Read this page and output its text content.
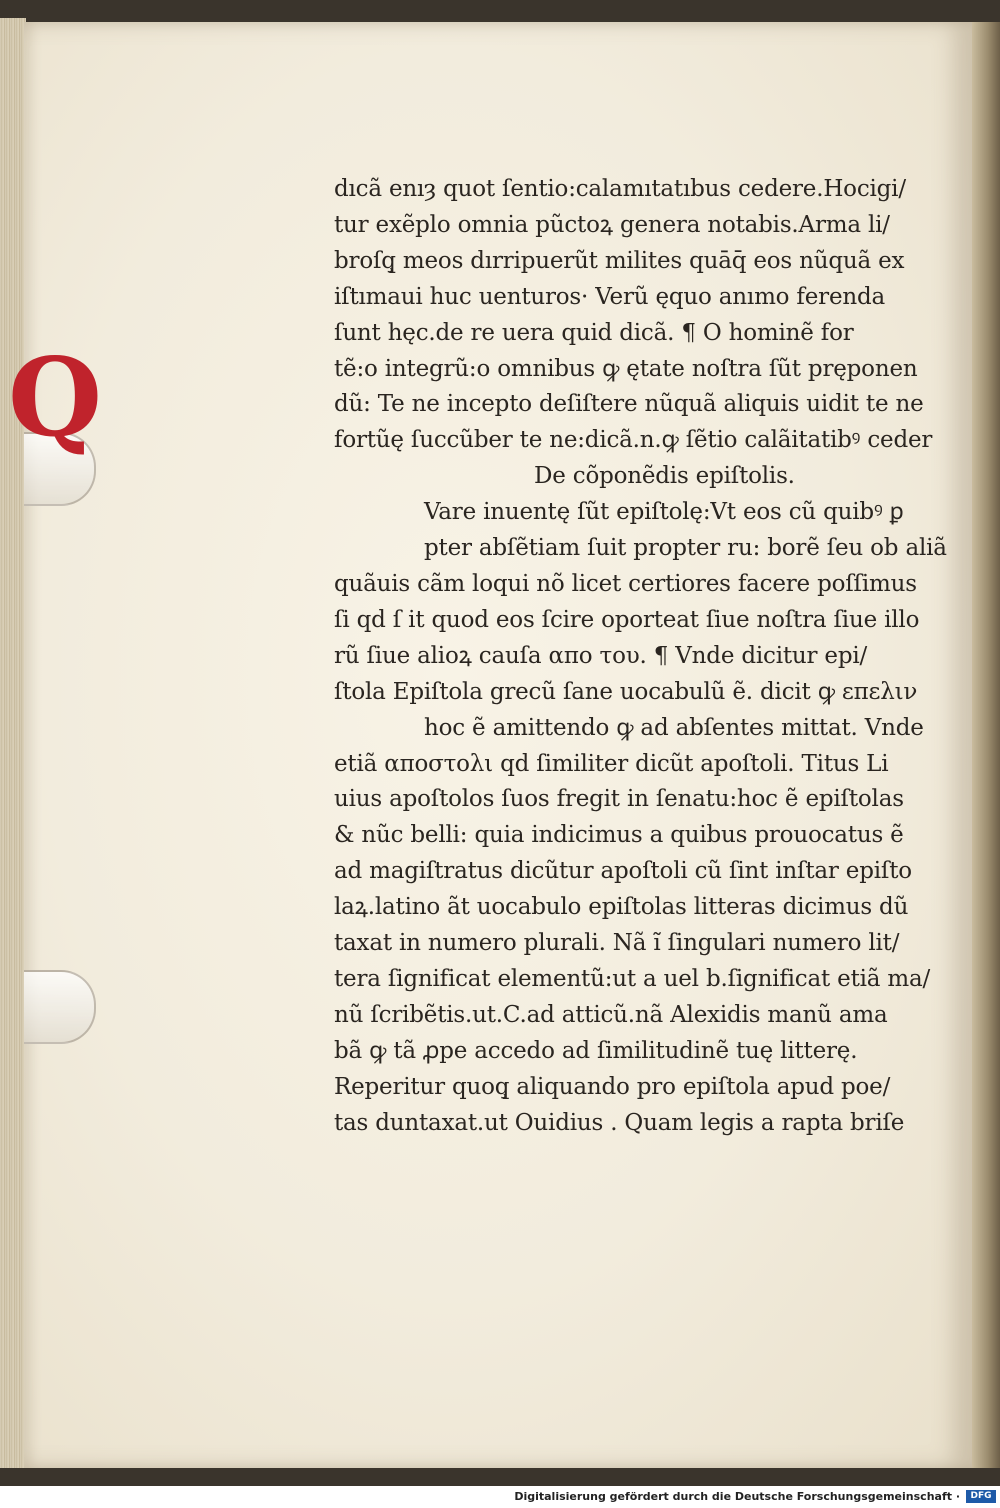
Q
dıcã enıȝ quot ſentio:calamıtatıbus cedere.Hocigi/
tur exẽplo omnia pũctoꝝ genera notabis.Arma li/
broſq̧ meos dırripuerũt milites quāq̄ eos nũquã ex
iſtımaui huc uenturos· Verũ ęquo anımo ferenda
ſunt hęc.de re uera quid dicã. ¶ O hominẽ for
tẽ:o integrũ:o omnibus ꝙ ętate noſtra ſũt pręponen
dũ: Te ne incepto deſiſtere nũquã aliquis uidit te ne
fortũę ſuccũber te ne:dicã.n.ꝙ ſẽtio calãitatibꝰ ceder
De cõponẽdis epiſtolis.
Vare inuentę ſũt epiſtolę:Vt eos cũ quibꝰ ꝑ
pter abſẽtiam ſuit propter ru: borẽ ſeu ob aliã
quãuis cãm loqui nõ licet certiores facere poſſimus
ſi qd ſ it quod eos ſcire oporteat ſiue noſtra ſiue illo
rũ ſiue alioꝝ cauſa απο του. ¶ Vnde dicitur epi/
ſtola Epiſtola grecũ ſane uocabulũ ẽ. dicit ꝙ επελιν
hoc ẽ amittendo ꝙ ad abſentes mittat. Vnde
etiã αποστολι qd ſimiliter dicũt apoſtoli. Titus Li
uius apoſtolos ſuos fregit in ſenatu:hoc ẽ epiſtolas
& nũc belli: quia indicimus a quibus prouocatus ẽ
ad magiſtratus dicũtur apoſtoli cũ ſint inſtar epiſto
laꝝ.latino ãt uocabulo epiſtolas litteras dicimus dũ
taxat in numero plurali. Nã ĩ ſingulari numero lit/
tera ſignificat elementũ:ut a uel b.ſignificat etiã ma/
nũ ſcribẽtis.ut.C.ad atticũ.nã Alexidis manũ ama
bã ꝙ tã ꝓpe accedo ad ſimilitudinẽ tuę litterę.
Reperitur quoq̧ aliquando pro epiſtola apud poe/
tas duntaxat.ut Ouidius . Quam legis a rapta briſe
Digitalisierung gefördert durch die Deutsche Forschungsgemeinschaft ·	DFG
